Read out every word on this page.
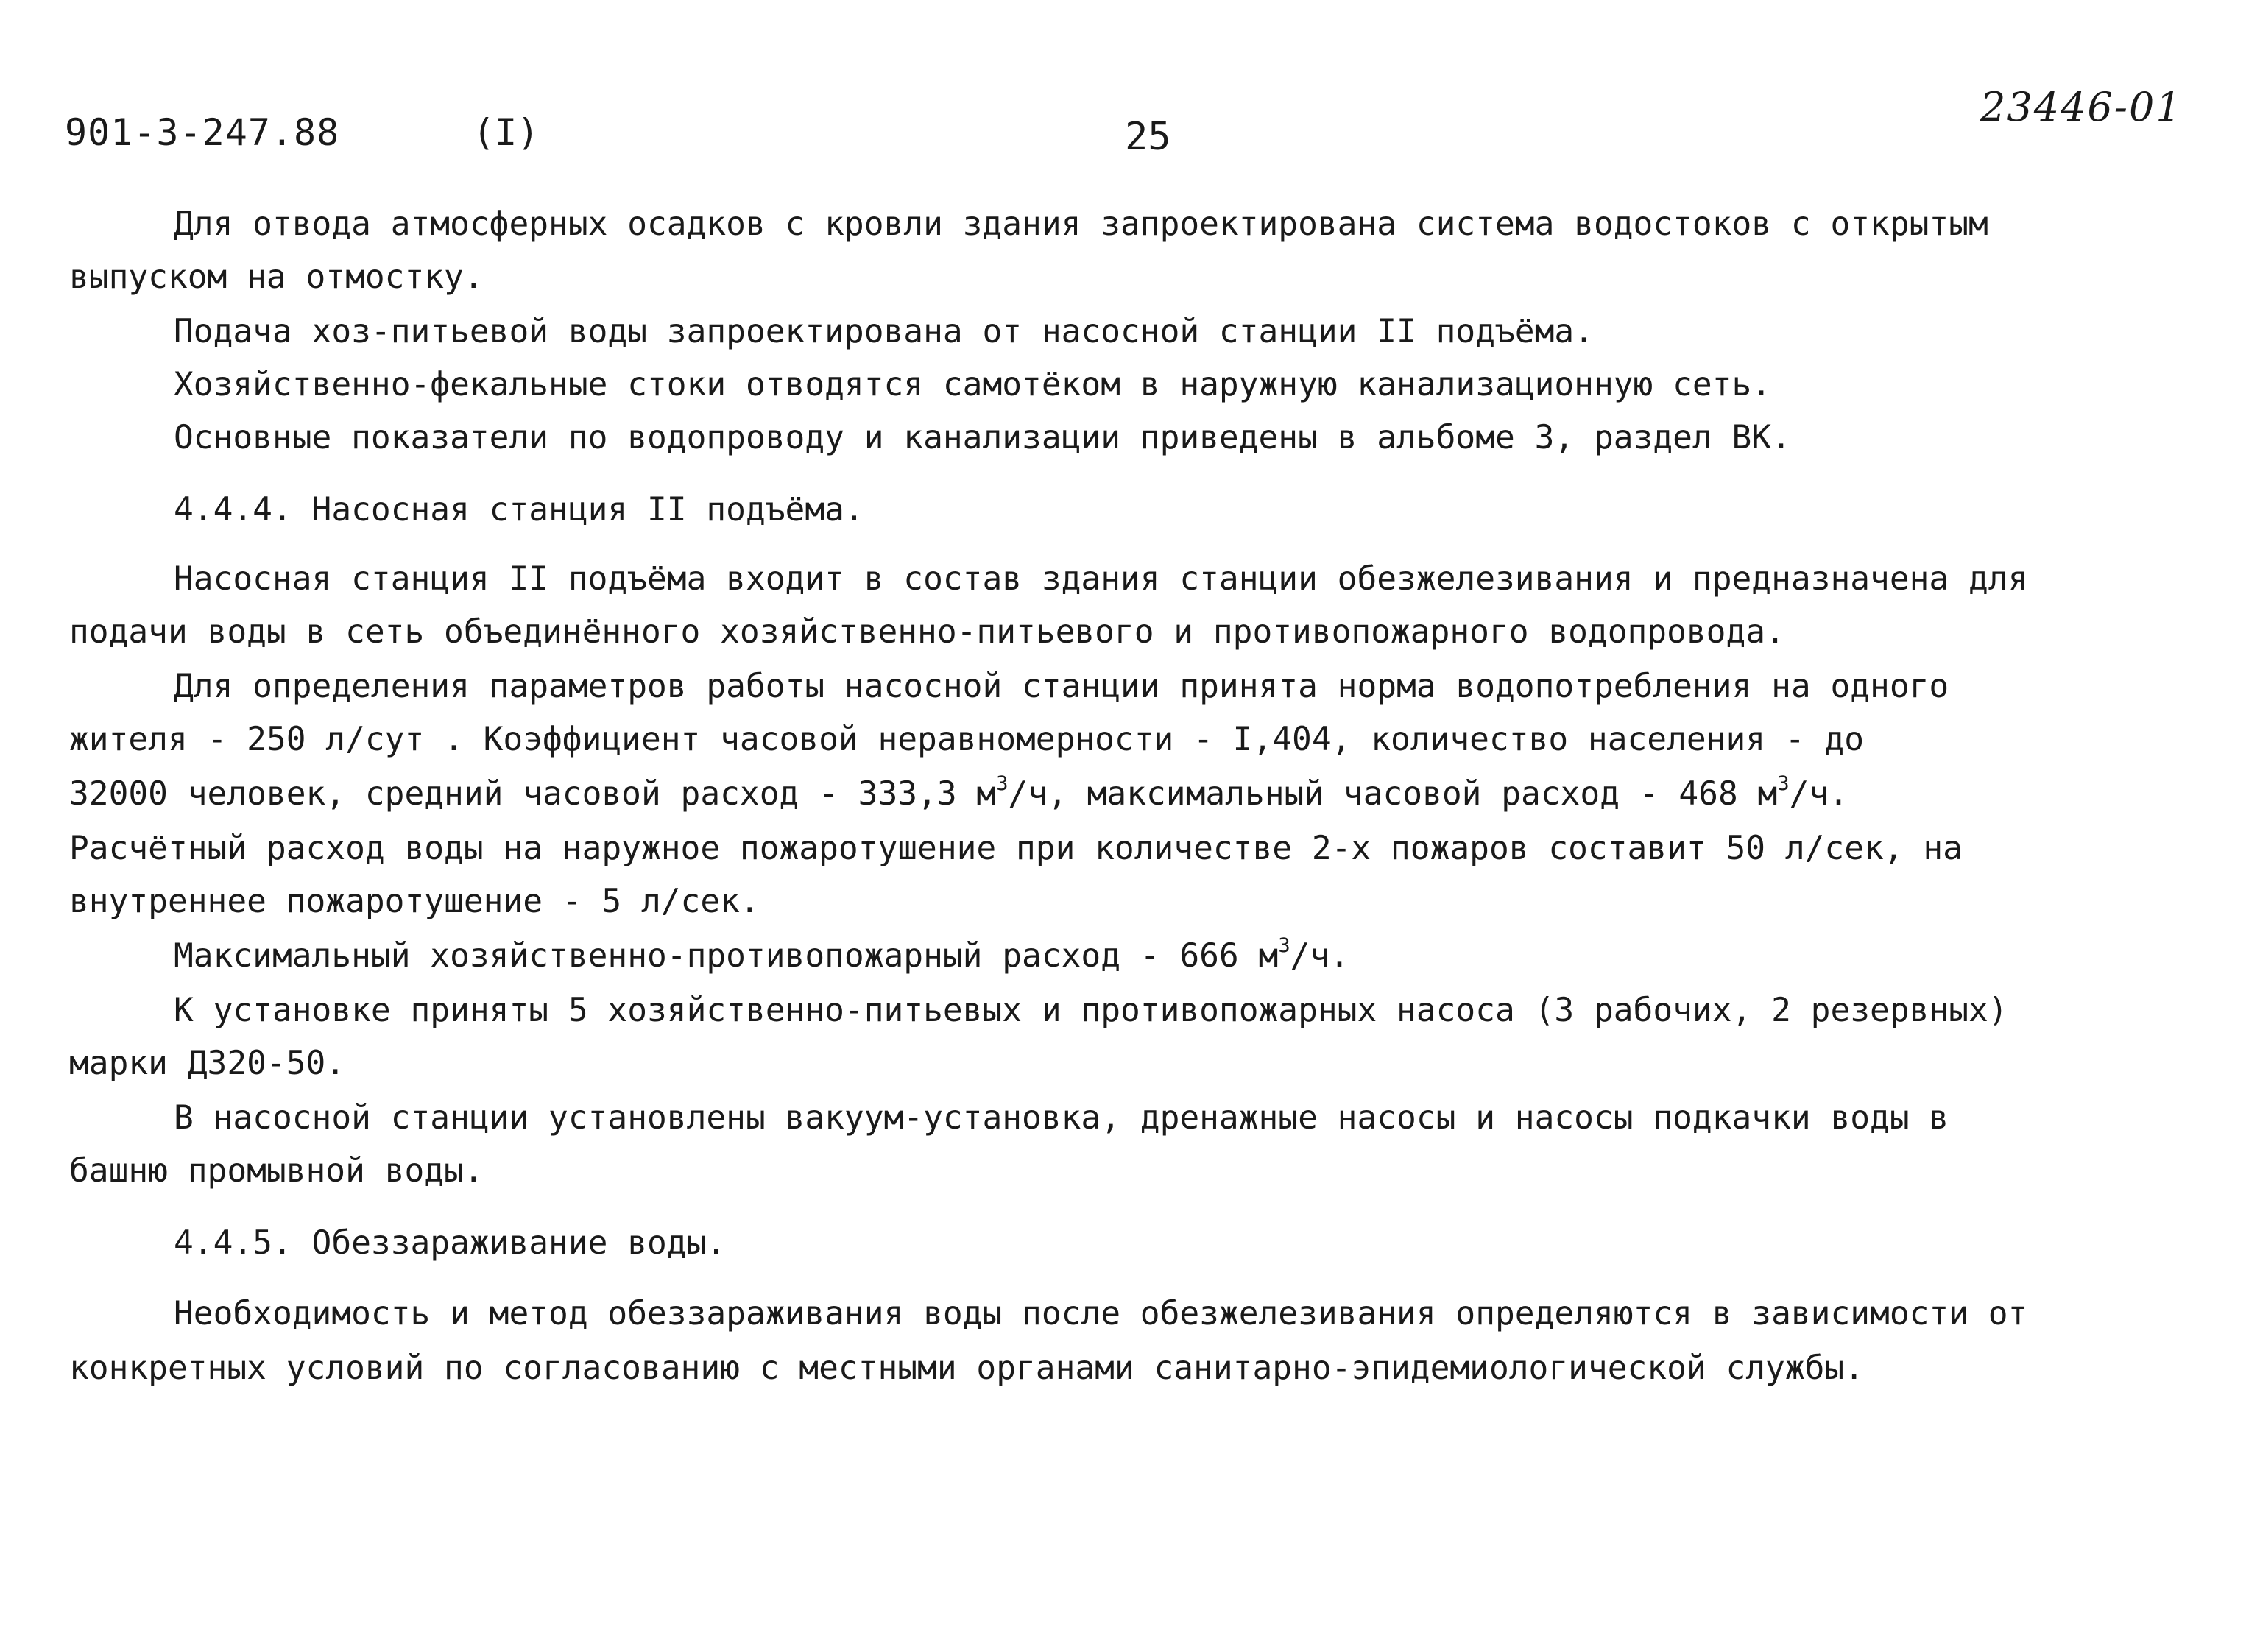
901-3-247.88	(I)	25
23446-01
Для отвода атмосферных осадков с кровли здания запроектирована система водостоков с открытым
выпуском на отмостку.
Подача хоз-питьевой воды запроектирована от насосной станции II подъёма.
Хозяйственно-фекальные стоки отводятся самотёком в наружную канализационную сеть.
Основные показатели по водопроводу и канализации приведены в альбоме 3, раздел ВК.
4.4.4. Насосная станция II подъёма.
Насосная станция II подъёма входит в состав здания станции обезжелезивания и предназначена для
подачи воды в сеть объединённого хозяйственно-питьевого и противопожарного водопровода.
Для определения параметров работы насосной станции принята норма водопотребления на одного
жителя - 250 л/сут . Коэффициент часовой неравномерности - I,404, количество населения - до
32000 человек, средний часовой расход - 333,3 $м^3/ч$, максимальный часовой расход - 468 $м^3/ч$.
Расчётный расход воды на наружное пожаротушение при количестве 2-х пожаров составит 50 л/сек, на
внутреннее пожаротушение - 5 л/сек.
Максимальный хозяйственно-противопожарный расход - 666 $м^3/ч$.
К установке приняты 5 хозяйственно-питьевых и противопожарных насоса (3 рабочих, 2 резервных)
марки Д320-50.
В насосной станции установлены вакуум-установка, дренажные насосы и насосы подкачки воды в
башню промывной воды.
4.4.5. Обеззараживание воды.
Необходимость и метод обеззараживания воды после обезжелезивания определяются в зависимости от
конкретных условий по согласованию с местными органами санитарно-эпидемиологической службы.
